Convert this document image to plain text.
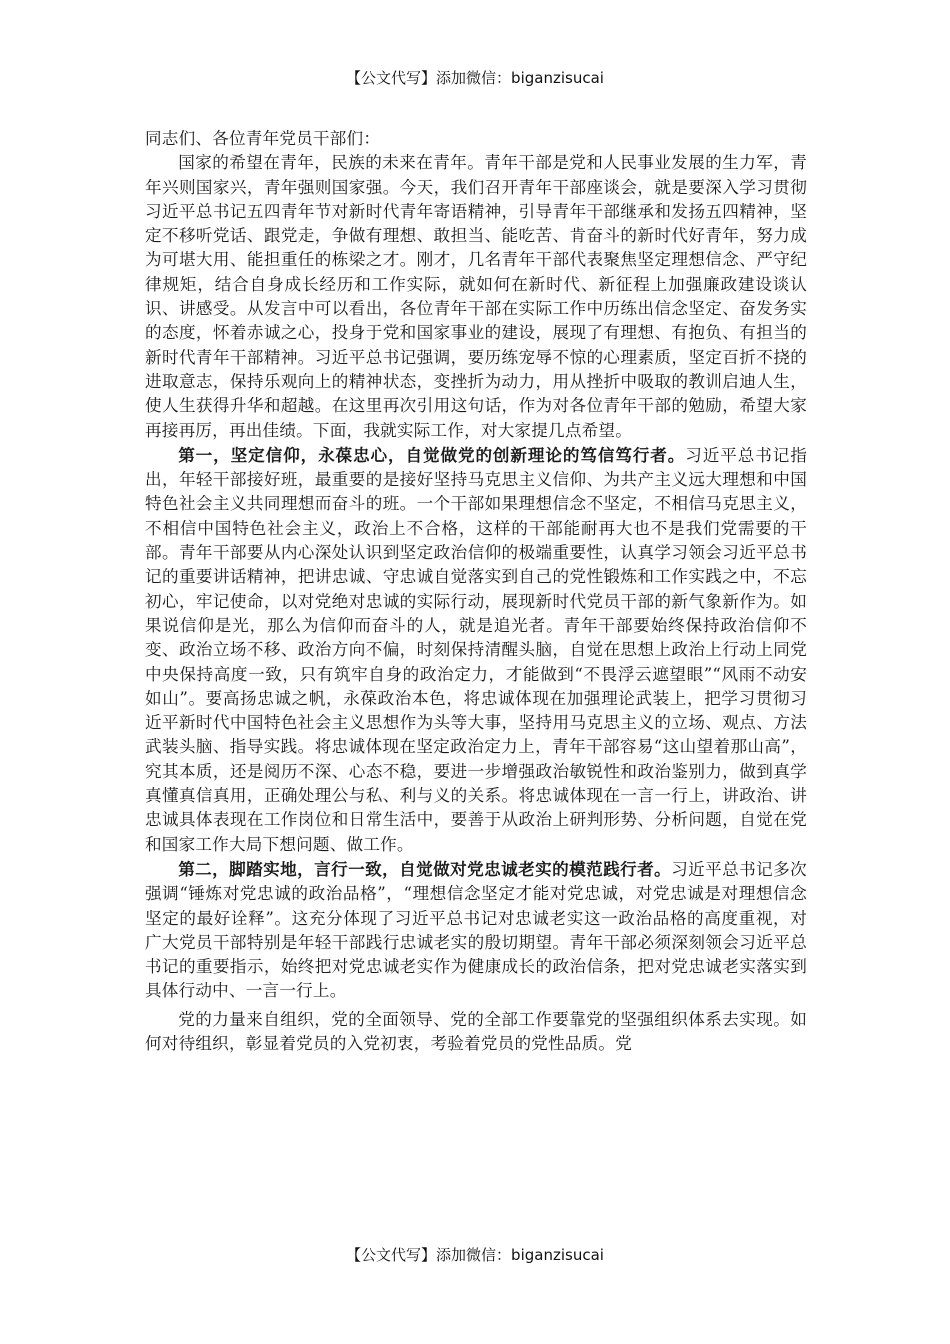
【公文代写】添加微信：biganzisucai

同志们、各位青年党员干部们：

国家的希望在青年，民族的未来在青年。青年干部是党和人民事业发展的生力军，青年兴则国家兴，青年强则国家强。今天，我们召开青年干部座谈会，就是要深入学习贯彻习近平总书记五四青年节对新时代青年寄语精神，引导青年干部继承和发扬五四精神，坚定不移听党话、跟党走，争做有理想、敢担当、能吃苦、肯奋斗的新时代好青年，努力成为可堪大用、能担重任的栋梁之才。刚才，几名青年干部代表聚焦坚定理想信念、严守纪律规矩，结合自身成长经历和工作实际，就如何在新时代、新征程上加强廉政建设谈认识、讲感受。从发言中可以看出，各位青年干部在实际工作中历练出信念坚定、奋发务实的态度，怀着赤诚之心，投身于党和国家事业的建设，展现了有理想、有抱负、有担当的新时代青年干部精神。习近平总书记强调，要历练宠辱不惊的心理素质，坚定百折不挠的进取意志，保持乐观向上的精神状态，变挫折为动力，用从挫折中吸取的教训启迪人生，使人生获得升华和超越。在这里再次引用这句话，作为对各位青年干部的勉励，希望大家再接再厉，再出佳绩。下面，我就实际工作，对大家提几点希望。

第一，坚定信仰，永葆忠心，自觉做党的创新理论的笃信笃行者。习近平总书记指出，年轻干部接好班，最重要的是接好坚持马克思主义信仰、为共产主义远大理想和中国特色社会主义共同理想而奋斗的班。一个干部如果理想信念不坚定，不相信马克思主义，不相信中国特色社会主义，政治上不合格，这样的干部能耐再大也不是我们党需要的干部。青年干部要从内心深处认识到坚定政治信仰的极端重要性，认真学习领会习近平总书记的重要讲话精神，把讲忠诚、守忠诚自觉落实到自己的党性锻炼和工作实践之中，不忘初心，牢记使命，以对党绝对忠诚的实际行动，展现新时代党员干部的新气象新作为。如果说信仰是光，那么为信仰而奋斗的人，就是追光者。青年干部要始终保持政治信仰不变、政治立场不移、政治方向不偏，时刻保持清醒头脑，自觉在思想上政治上行动上同党中央保持高度一致，只有筑牢自身的政治定力，才能做到“不畏浮云遮望眼”“风雨不动安如山”。要高扬忠诚之帆，永葆政治本色，将忠诚体现在加强理论武装上，把学习贯彻习近平新时代中国特色社会主义思想作为头等大事，坚持用马克思主义的立场、观点、方法武装头脑、指导实践。将忠诚体现在坚定政治定力上，青年干部容易“这山望着那山高”，究其本质，还是阅历不深、心态不稳，要进一步增强政治敏锐性和政治鉴别力，做到真学真懂真信真用，正确处理公与私、利与义的关系。将忠诚体现在一言一行上，讲政治、讲忠诚具体表现在工作岗位和日常生活中，要善于从政治上研判形势、分析问题，自觉在党和国家工作大局下想问题、做工作。

第二，脚踏实地，言行一致，自觉做对党忠诚老实的模范践行者。习近平总书记多次强调“锤炼对党忠诚的政治品格”，“理想信念坚定才能对党忠诚，对党忠诚是对理想信念坚定的最好诠释”。这充分体现了习近平总书记对忠诚老实这一政治品格的高度重视，对广大党员干部特别是年轻干部践行忠诚老实的殷切期望。青年干部必须深刻领会习近平总书记的重要指示，始终把对党忠诚老实作为健康成长的政治信条，把对党忠诚老实落实到具体行动中、一言一行上。

党的力量来自组织，党的全面领导、党的全部工作要靠党的坚强组织体系去实现。如何对待组织，彰显着党员的入党初衷，考验着党员的党性品质。党

【公文代写】添加微信：biganzisucai
